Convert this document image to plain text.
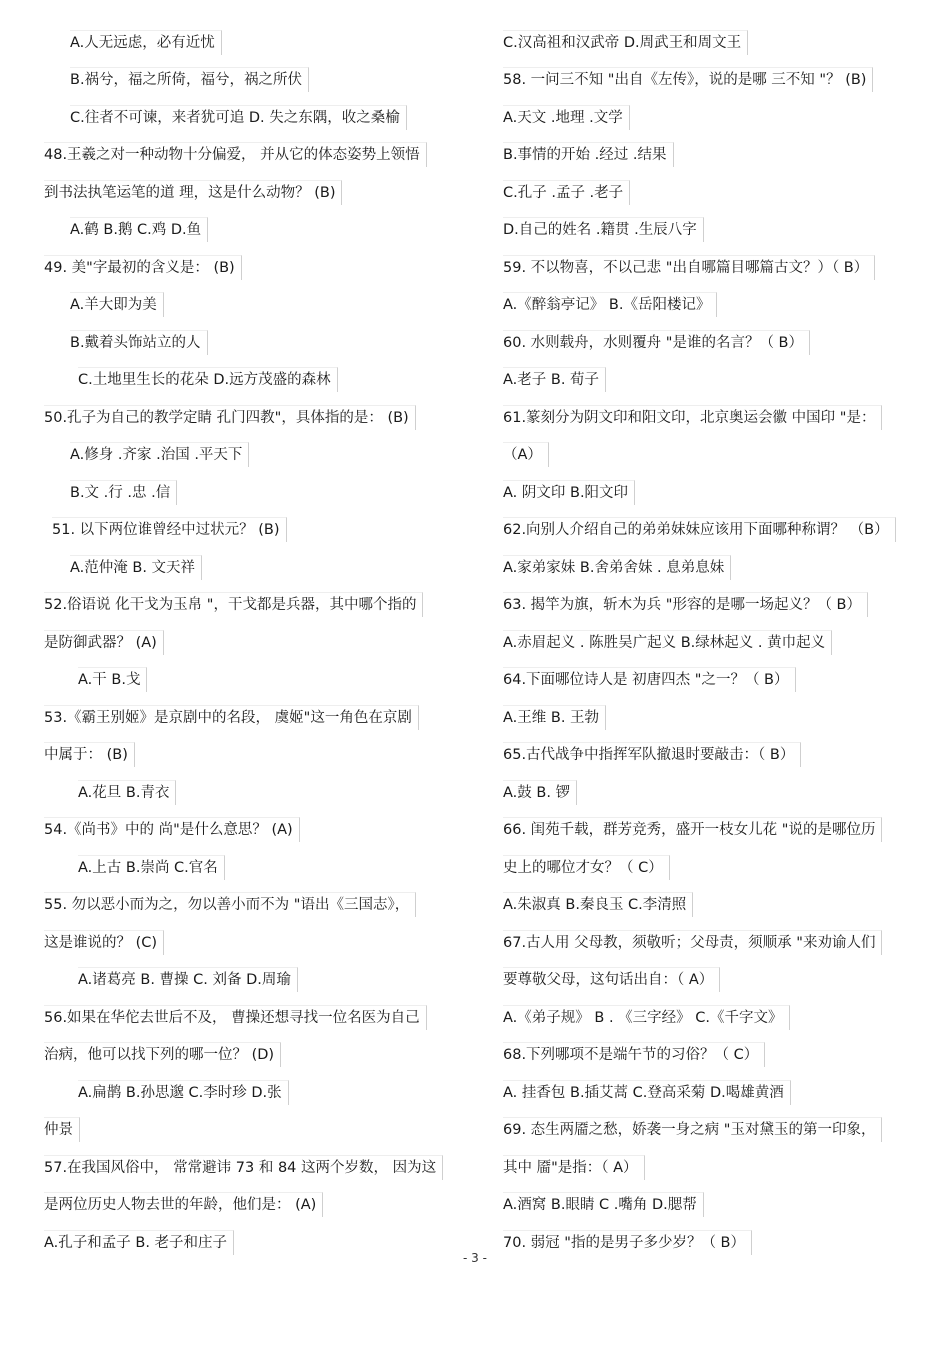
A.人无远虑，必有近忧
B.祸兮，福之所倚，福兮，祸之所伏
C.往者不可谏，来者犹可追 D. 失之东隅，收之桑榆
48.王羲之对一种动物十分偏爱， 并从它的体态姿势上领悟
到书法执笔运笔的道 理，这是什么动物？ (B)
A.鹤 B.鹅 C.鸡 D.鱼
49. 美"字最初的含义是： (B)
A.羊大即为美
B.戴着头饰站立的人
C.土地里生长的花朵 D.远方茂盛的森林
50.孔子为自己的教学定睛 孔门四教"，具体指的是： (B)
A.修身 .齐家 .治国 .平天下
B.文 .行 .忠 .信
51. 以下两位谁曾经中过状元？ (B)
A.范仲淹 B. 文天祥
52.俗语说 化干戈为玉帛 "，干戈都是兵器，其中哪个指的
是防御武器？ (A)
A.干 B.戈
53.《霸王别姬》是京剧中的名段， 虞姬"这一角色在京剧
中属于： (B)
A.花旦 B.青衣
54.《尚书》中的 尚"是什么意思？ (A)
A.上古 B.崇尚 C.官名
55. 勿以恶小而为之，勿以善小而不为 "语出《三国志》，
这是谁说的？ (C)
A.诸葛亮 B. 曹操 C. 刘备 D.周瑜
56.如果在华佗去世后不及， 曹操还想寻找一位名医为自己
治病，他可以找下列的哪一位？ (D)
A.扁鹊 B.孙思邈 C.李时珍 D.张
仲景
57.在我国风俗中， 常常避讳 73 和 84 这两个岁数， 因为这
是两位历史人物去世的年龄，他们是： (A)
A.孔子和孟子 B. 老子和庄子
C.汉高祖和汉武帝 D.周武王和周文王
58. 一问三不知 "出自《左传》，说的是哪 三不知 "？ (B)
A.天文 .地理 .文学
B.事情的开始 .经过 .结果
C.孔子 .孟子 .老子
D.自己的姓名 .籍贯 .生辰八字
59. 不以物喜，不以己悲 "出自哪篇目哪篇古文？）（ B）
A.《醉翁亭记》 B.《岳阳楼记》
60. 水则载舟，水则覆舟 "是谁的名言？（ B）
A.老子 B. 荀子
61.篆刻分为阴文印和阳文印，北京奥运会徽 中国印 "是：
（A）
A. 阴文印 B.阳文印
62.向别人介绍自己的弟弟妹妹应该用下面哪种称谓？ （B）
A.家弟家妹 B.舍弟舍妹 . 息弟息妹
63. 揭竿为旗，斩木为兵 "形容的是哪一场起义？（ B）
A.赤眉起义 . 陈胜吴广起义 B.绿林起义 . 黄巾起义
64.下面哪位诗人是 初唐四杰 "之一？（ B）
A.王维 B. 王勃
65.古代战争中指挥军队撤退时要敲击：（ B）
A.鼓 B. 锣
66. 闺苑千载，群芳竞秀，盛开一枝女儿花 "说的是哪位历
史上的哪位才女？（ C）
A.朱淑真 B.秦良玉 C.李清照
67.古人用 父母教，须敬听；父母责，须顺承 "来劝谕人们
要尊敬父母，这句话出自：（ A）
A.《弟子规》 B . 《三字经》 C.《千字文》
68.下列哪项不是端午节的习俗？（ C）
A. 挂香包 B.插艾蒿 C.登高采菊 D.喝雄黄酒
69. 态生两靥之愁，娇袭一身之病 "玉对黛玉的第一印象，
其中 靥"是指：（ A）
A.酒窝 B.眼睛 C .嘴角 D.腮帮
70. 弱冠 "指的是男子多少岁？（ B）
- 3 -
